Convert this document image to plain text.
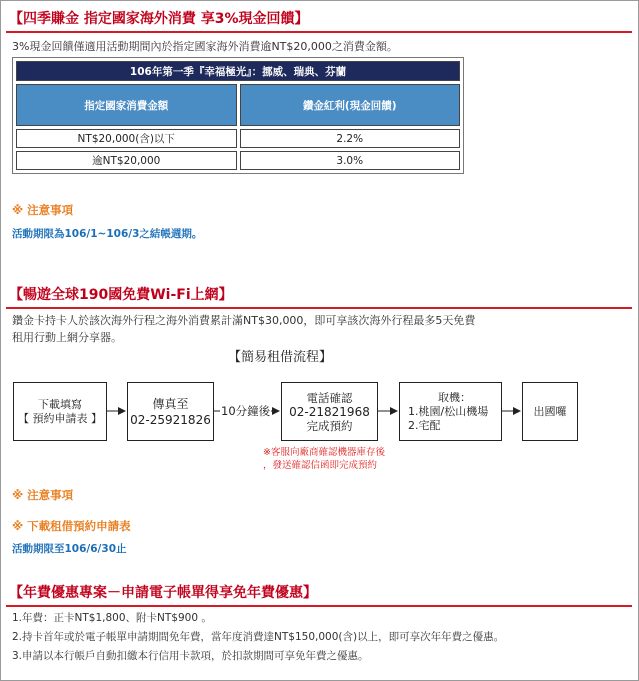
【四季賺金 指定國家海外消費 享3%現金回饋】
3%現金回饋僅適用活動期間內於指定國家海外消費逾NT$20,000之消費金額。
106年第一季『幸福極光』：挪威、瑞典、芬蘭	
指定國家消費金額	鑽金紅利(現金回饋)
NT$20,000(含)以下	2.2%
逾NT$20,000	3.0%
※ 注意事項
活動期限為106/1~106/3之結帳週期。
【暢遊全球190國免費Wi-Fi上網】
鑽金卡持卡人於該次海外行程之海外消費累計滿NT$30,000，即可享該次海外行程最多5天免費
租用行動上網分享器。
【簡易租借流程】
下載填寫
【 預約申請表 】
傳真至
02-25921826
10分鐘後
電話確認
02-21821968
完成預約
取機：
1.桃園/松山機場
2.宅配
出國囉
※客服向廠商確認機器庫存後
，發送確認信函即完成預約
※ 注意事項
※ 下載租借預約申請表
活動期限至106/6/30止
【年費優惠專案－申請電子帳單得享免年費優惠】
1.年費：正卡NT$1,800、附卡NT$900 。
2.持卡首年或於電子帳單申請期間免年費，當年度消費達NT$150,000(含)以上，即可享次年年費之優惠。
3.申請以本行帳戶自動扣繳本行信用卡款項，於扣款期間可享免年費之優惠。
